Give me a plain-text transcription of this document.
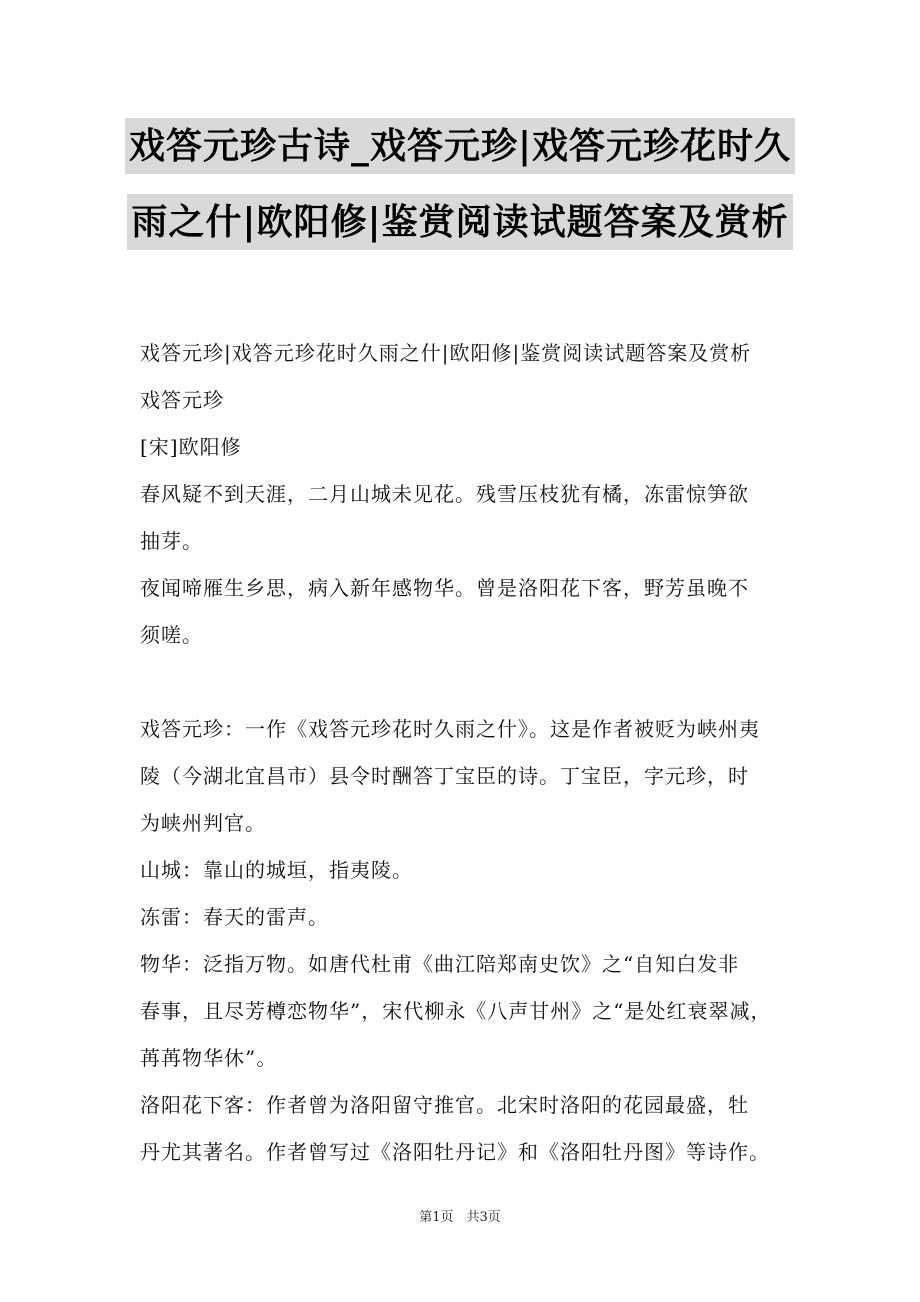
戏答元珍古诗_戏答元珍|戏答元珍花时久
雨之什|欧阳修|鉴赏阅读试题答案及赏析

戏答元珍|戏答元珍花时久雨之什|欧阳修|鉴赏阅读试题答案及赏析

戏答元珍

[宋]欧阳修

春风疑不到天涯，二月山城未见花。残雪压枝犹有橘，冻雷惊笋欲

抽芽。

夜闻啼雁生乡思，病入新年感物华。曾是洛阳花下客，野芳虽晚不

须嗟。

戏答元珍：一作《戏答元珍花时久雨之什》。这是作者被贬为峡州夷

陵（今湖北宜昌市）县令时酬答丁宝臣的诗。丁宝臣，字元珍，时

为峡州判官。

山城：靠山的城垣，指夷陵。

冻雷：春天的雷声。

物华：泛指万物。如唐代杜甫《曲江陪郑南史饮》之“自知白发非

春事，且尽芳樽恋物华”，宋代柳永《八声甘州》之“是处红衰翠减，

苒苒物华休”。

洛阳花下客：作者曾为洛阳留守推官。北宋时洛阳的花园最盛，牡

丹尤其著名。作者曾写过《洛阳牡丹记》和《洛阳牡丹图》等诗作。

第1页　共3页
